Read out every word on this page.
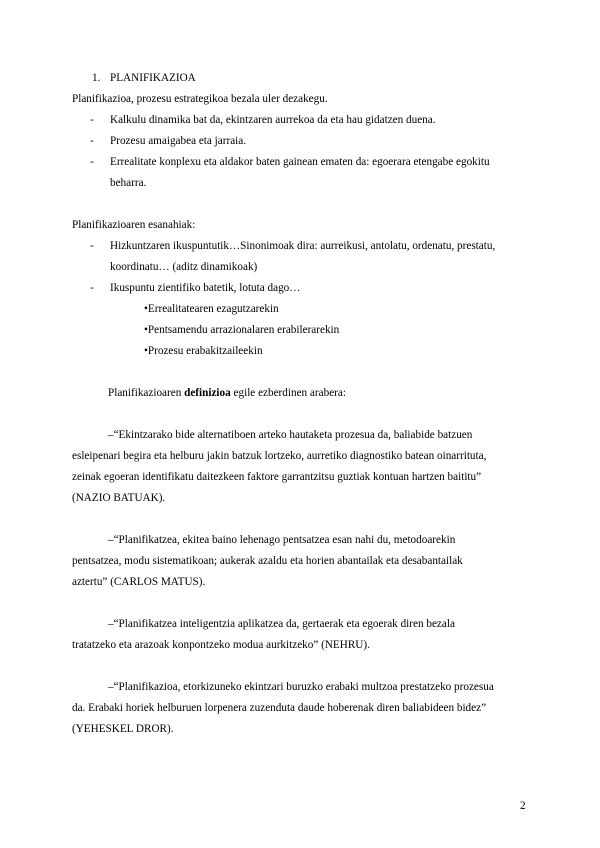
1. PLANIFIKAZIOA
Planifikazioa, prozesu estrategikoa bezala uler dezakegu.
- Kalkulu dinamika bat da, ekintzaren aurrekoa da eta hau gidatzen duena.
- Prozesu amaigabea eta jarraia.
- Errealitate konplexu eta aldakor baten gainean ematen da: egoerara etengabe egokitu
beharra.
Planifikazioaren esanahiak:
- Hizkuntzaren ikuspuntutik…Sinonimoak dira: aurreikusi, antolatu, ordenatu, prestatu,
koordinatu… (aditz dinamikoak)
- Ikuspuntu zientifiko batetik, lotuta dago…
•Errealitatearen ezagutzarekin
•Pentsamendu arrazionalaren erabilerarekin
•Prozesu erabakitzaileekin
Planifikazioaren definizioa egile ezberdinen arabera:
–“Ekintzarako bide alternatiboen arteko hautaketa prozesua da, baliabide batzuen
esleipenari begira eta helburu jakin batzuk lortzeko, aurretiko diagnostiko batean oinarrituta,
zeinak egoeran identifikatu daitezkeen faktore garrantzitsu guztiak kontuan hartzen baititu”
(NAZIO BATUAK).
–“Planifikatzea, ekitea baino lehenago pentsatzea esan nahi du, metodoarekin
pentsatzea, modu sistematikoan; aukerak azaldu eta horien abantailak eta desabantailak
aztertu” (CARLOS MATUS).
–“Planifikatzea inteligentzia aplikatzea da, gertaerak eta egoerak diren bezala
tratatzeko eta arazoak konpontzeko modua aurkitzeko” (NEHRU).
–“Planifikazioa, etorkizuneko ekintzari buruzko erabaki multzoa prestatzeko prozesua
da. Erabaki horiek helburuen lorpenera zuzenduta daude hoberenak diren baliabideen bidez”
(YEHESKEL DROR).
2
